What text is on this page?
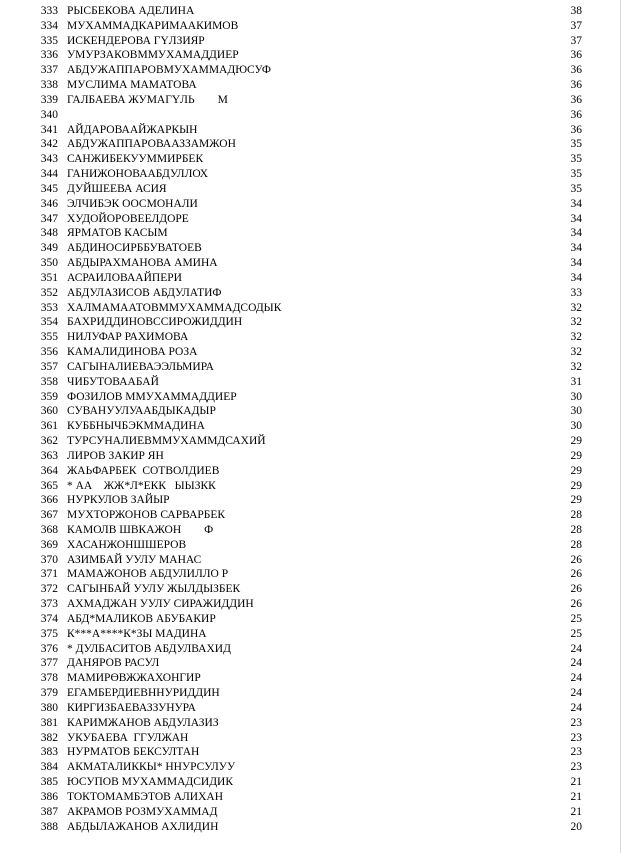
333 РЫСБЕКОВА АДЕЛИНА	38
334 МУХАММАДКАРИМААКИМОВ	37
335 ИСКЕНДЕРОВА ГҮЛЗИЯР	37
336 УМУРЗАКОВММУХАМАДДИЕР	36
337 АБДУЖАППАРОВМУХАММАДЮСУФ	36
338 МУСЛИМА МАМАТОВА	36
339 ГАЛБАЕВА ЖУМАГҮЛЬ        М	36
340	36
341 АЙДАРОВААЙЖАРКЫН	36
342 АБДУЖАППАРОВААЗЗАМЖОН	35
343 САНЖИБЕКУУММИРБЕК	35
344 ГАНИЖОНОВААБДУЛЛОХ	35
345 ДУЙШЕЕВА АСИЯ	35
346 ЭЛЧИБЭК ООСМОНАЛИ	34
347 ХУДОЙОРОВЕЕЛДОРЕ	34
348 ЯРМАТОВ КАСЫМ	34
349 АБДИНОСИРББУВАТОЕВ	34
350 АБДЫРАХМАНОВА АМИНА	34
351 АСРАИЛОВААЙПЕРИ	34
352 АБДУЛАЗИСОВ АБДУЛАТИФ	33
353 ХАЛМАМААТОВММУХАММАДСОДЫК	32
354 БАХРИДДИНОВССИРОЖИДДИН	32
355 НИЛУФАР РАХИМОВА	32
356 КАМАЛИДИНОВА РОЗА	32
357 САГЫНАЛИЕВАЭЭЛЬМИРА	32
358 ЧИБУТОВААБАЙ	31
359 ФОЗИЛОВ ММУХАММАДДИЕР	30
360 СУВАНУУЛУААБДЫКАДЫР	30
361 КУББНЫЧБЭКММАДИНА	30
362 ТУРСУНАЛИЕВММУХАММДСАХИЙ	29
363 ЛИРОВ ЗАКИР ЯН	29
364 ЖАЬФАРБЕК  СОТВОЛДИЕВ	29
365 * АА    ЖЖ*Л*ЕКК   ЫЫЗКК	29
366 НУРКУЛОВ ЗАЙЫР	29
367 МУХТОРЖОНОВ САРВАРБЕК	28
368 КАМОЛВ ШВКАЖОН        Ф	28
369 ХАСАНЖОНШШЕРОВ	28
370 АЗИМБАЙ УУЛУ МАНАС	26
371 МАМАЖОНОВ АБДУЛИЛЛО Р	26
372 САГЫНБАЙ УУЛУ ЖЫЛДЫЗБЕК	26
373 АХМАДЖАН УУЛУ СИРАЖИДДИН	26
374 АБД*МАЛИКОВ АБУБАКИР	25
375 К***А****К*ЗЫ МАДИНА	25
376 * ДУЛБАСИТОВ АБДУЛВАХИД	24
377 ДАНЯРОВ РАСУЛ	24
378 МАМИРӨВЖЖАХОНГИР	24
379 ЕГАМБЕРДИЕВННУРИДДИН	24
380 КИРГИЗБАЕВАЗЗУНУРА	24
381 КАРИМЖАНОВ АБДУЛАЗИЗ	23
382 УКУБАЕВА  ГГУЛЖАН	23
383 НУРМАТОВ БЕКСУЛТАН	23
384 АКМАТАЛИККЫ* ННУРСУЛУУ	23
385 ЮСУПОВ МУХАММАДСИДИК	21
386 ТОКТОМАМБЭТОВ АЛИХАН	21
387 АКРАМОВ РОЗМУХАММАД	21
388 АБДЫЛАЖАНОВ АХЛИДИН	20
